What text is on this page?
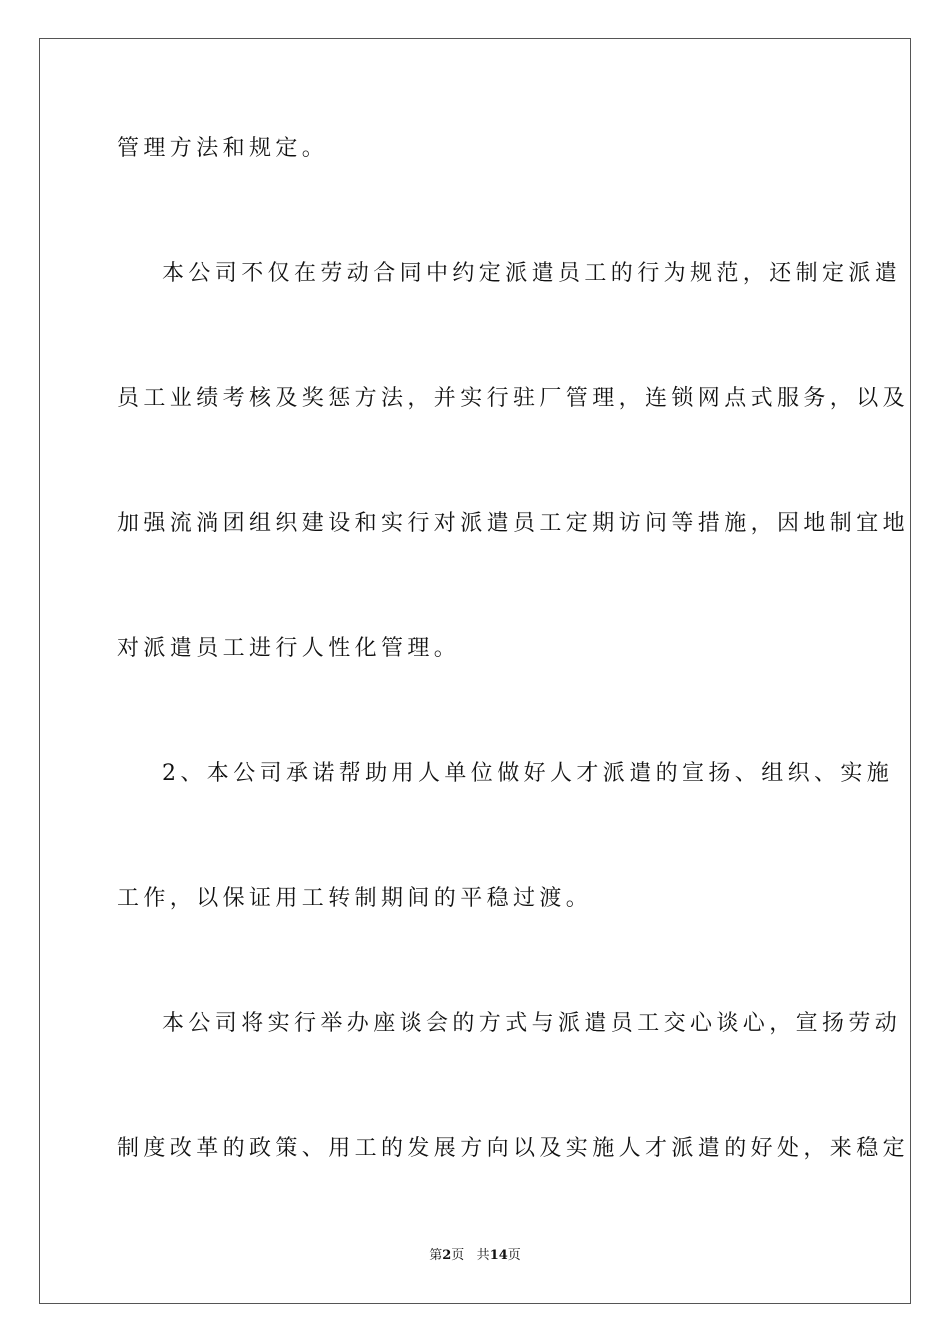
管理方法和规定。
本公司不仅在劳动合同中约定派遣员工的行为规范，还制定派遣
员工业绩考核及奖惩方法，并实行驻厂管理，连锁网点式服务，以及
加强流淌团组织建设和实行对派遣员工定期访问等措施，因地制宜地
对派遣员工进行人性化管理。
2、本公司承诺帮助用人单位做好人才派遣的宣扬、组织、实施
工作，以保证用工转制期间的平稳过渡。
本公司将实行举办座谈会的方式与派遣员工交心谈心，宣扬劳动
制度改革的政策、用工的发展方向以及实施人才派遣的好处，来稳定
第2页 共14页
